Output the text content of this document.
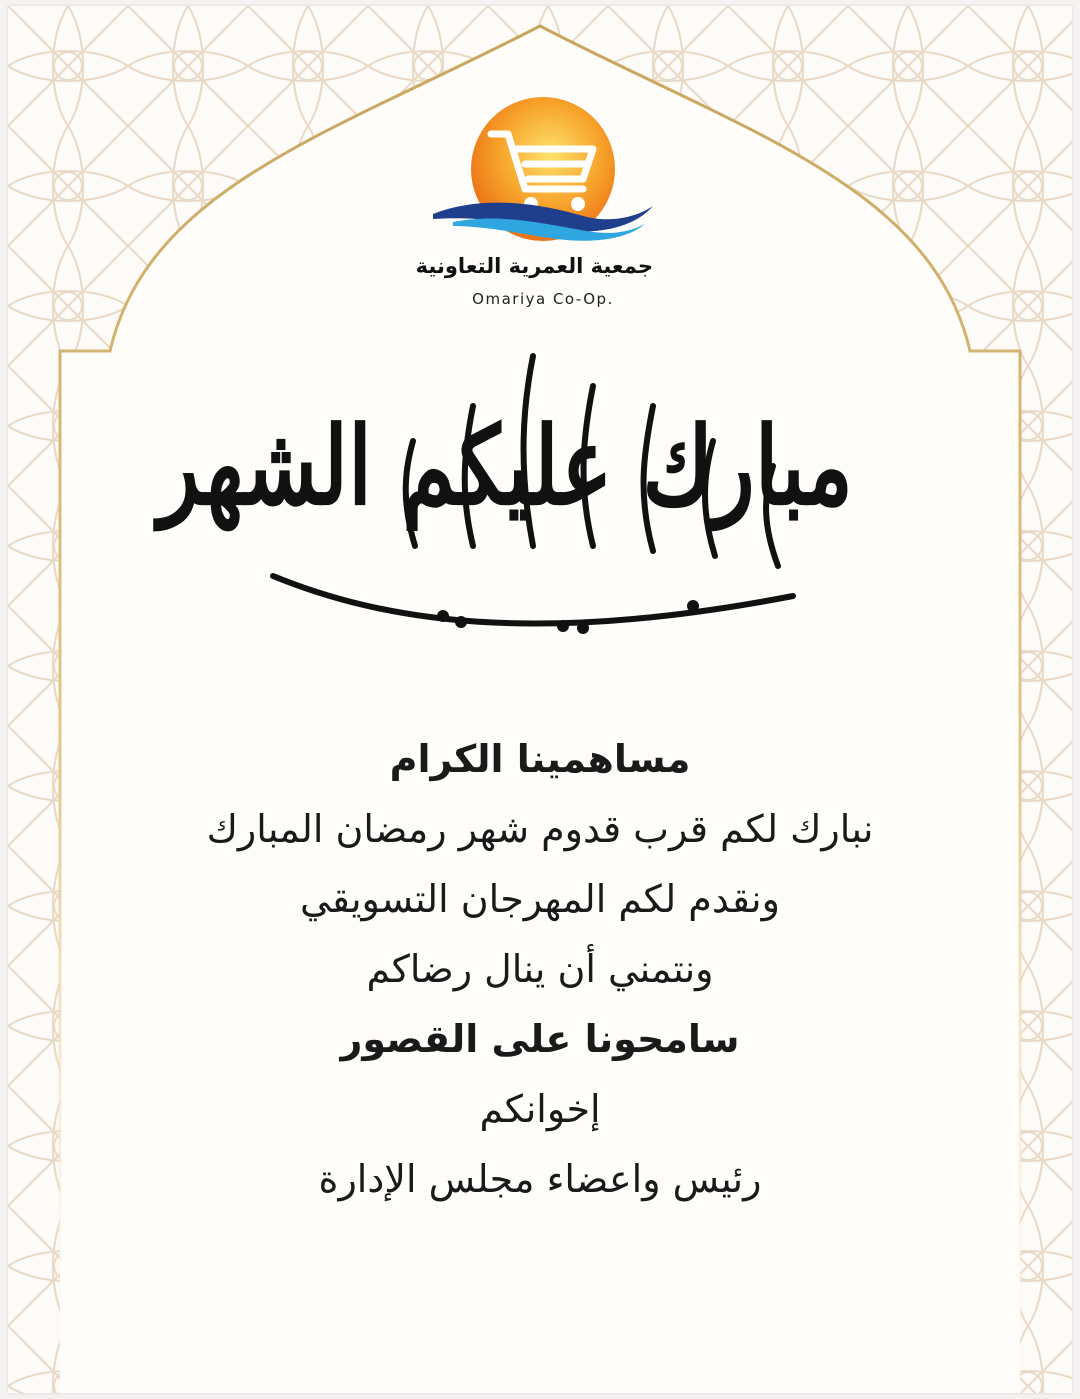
جمعية العمرية التعاونية
Omariya Co-Op.
مبارك عليكم الشهر
مساهمينا الكرام
نبارك لكم قرب قدوم شهر رمضان المبارك
ونقدم لكم المهرجان التسويقي
ونتمني أن ينال رضاكم
سامحونا على القصور
إخوانكم
رئيس واعضاء مجلس الإدارة
